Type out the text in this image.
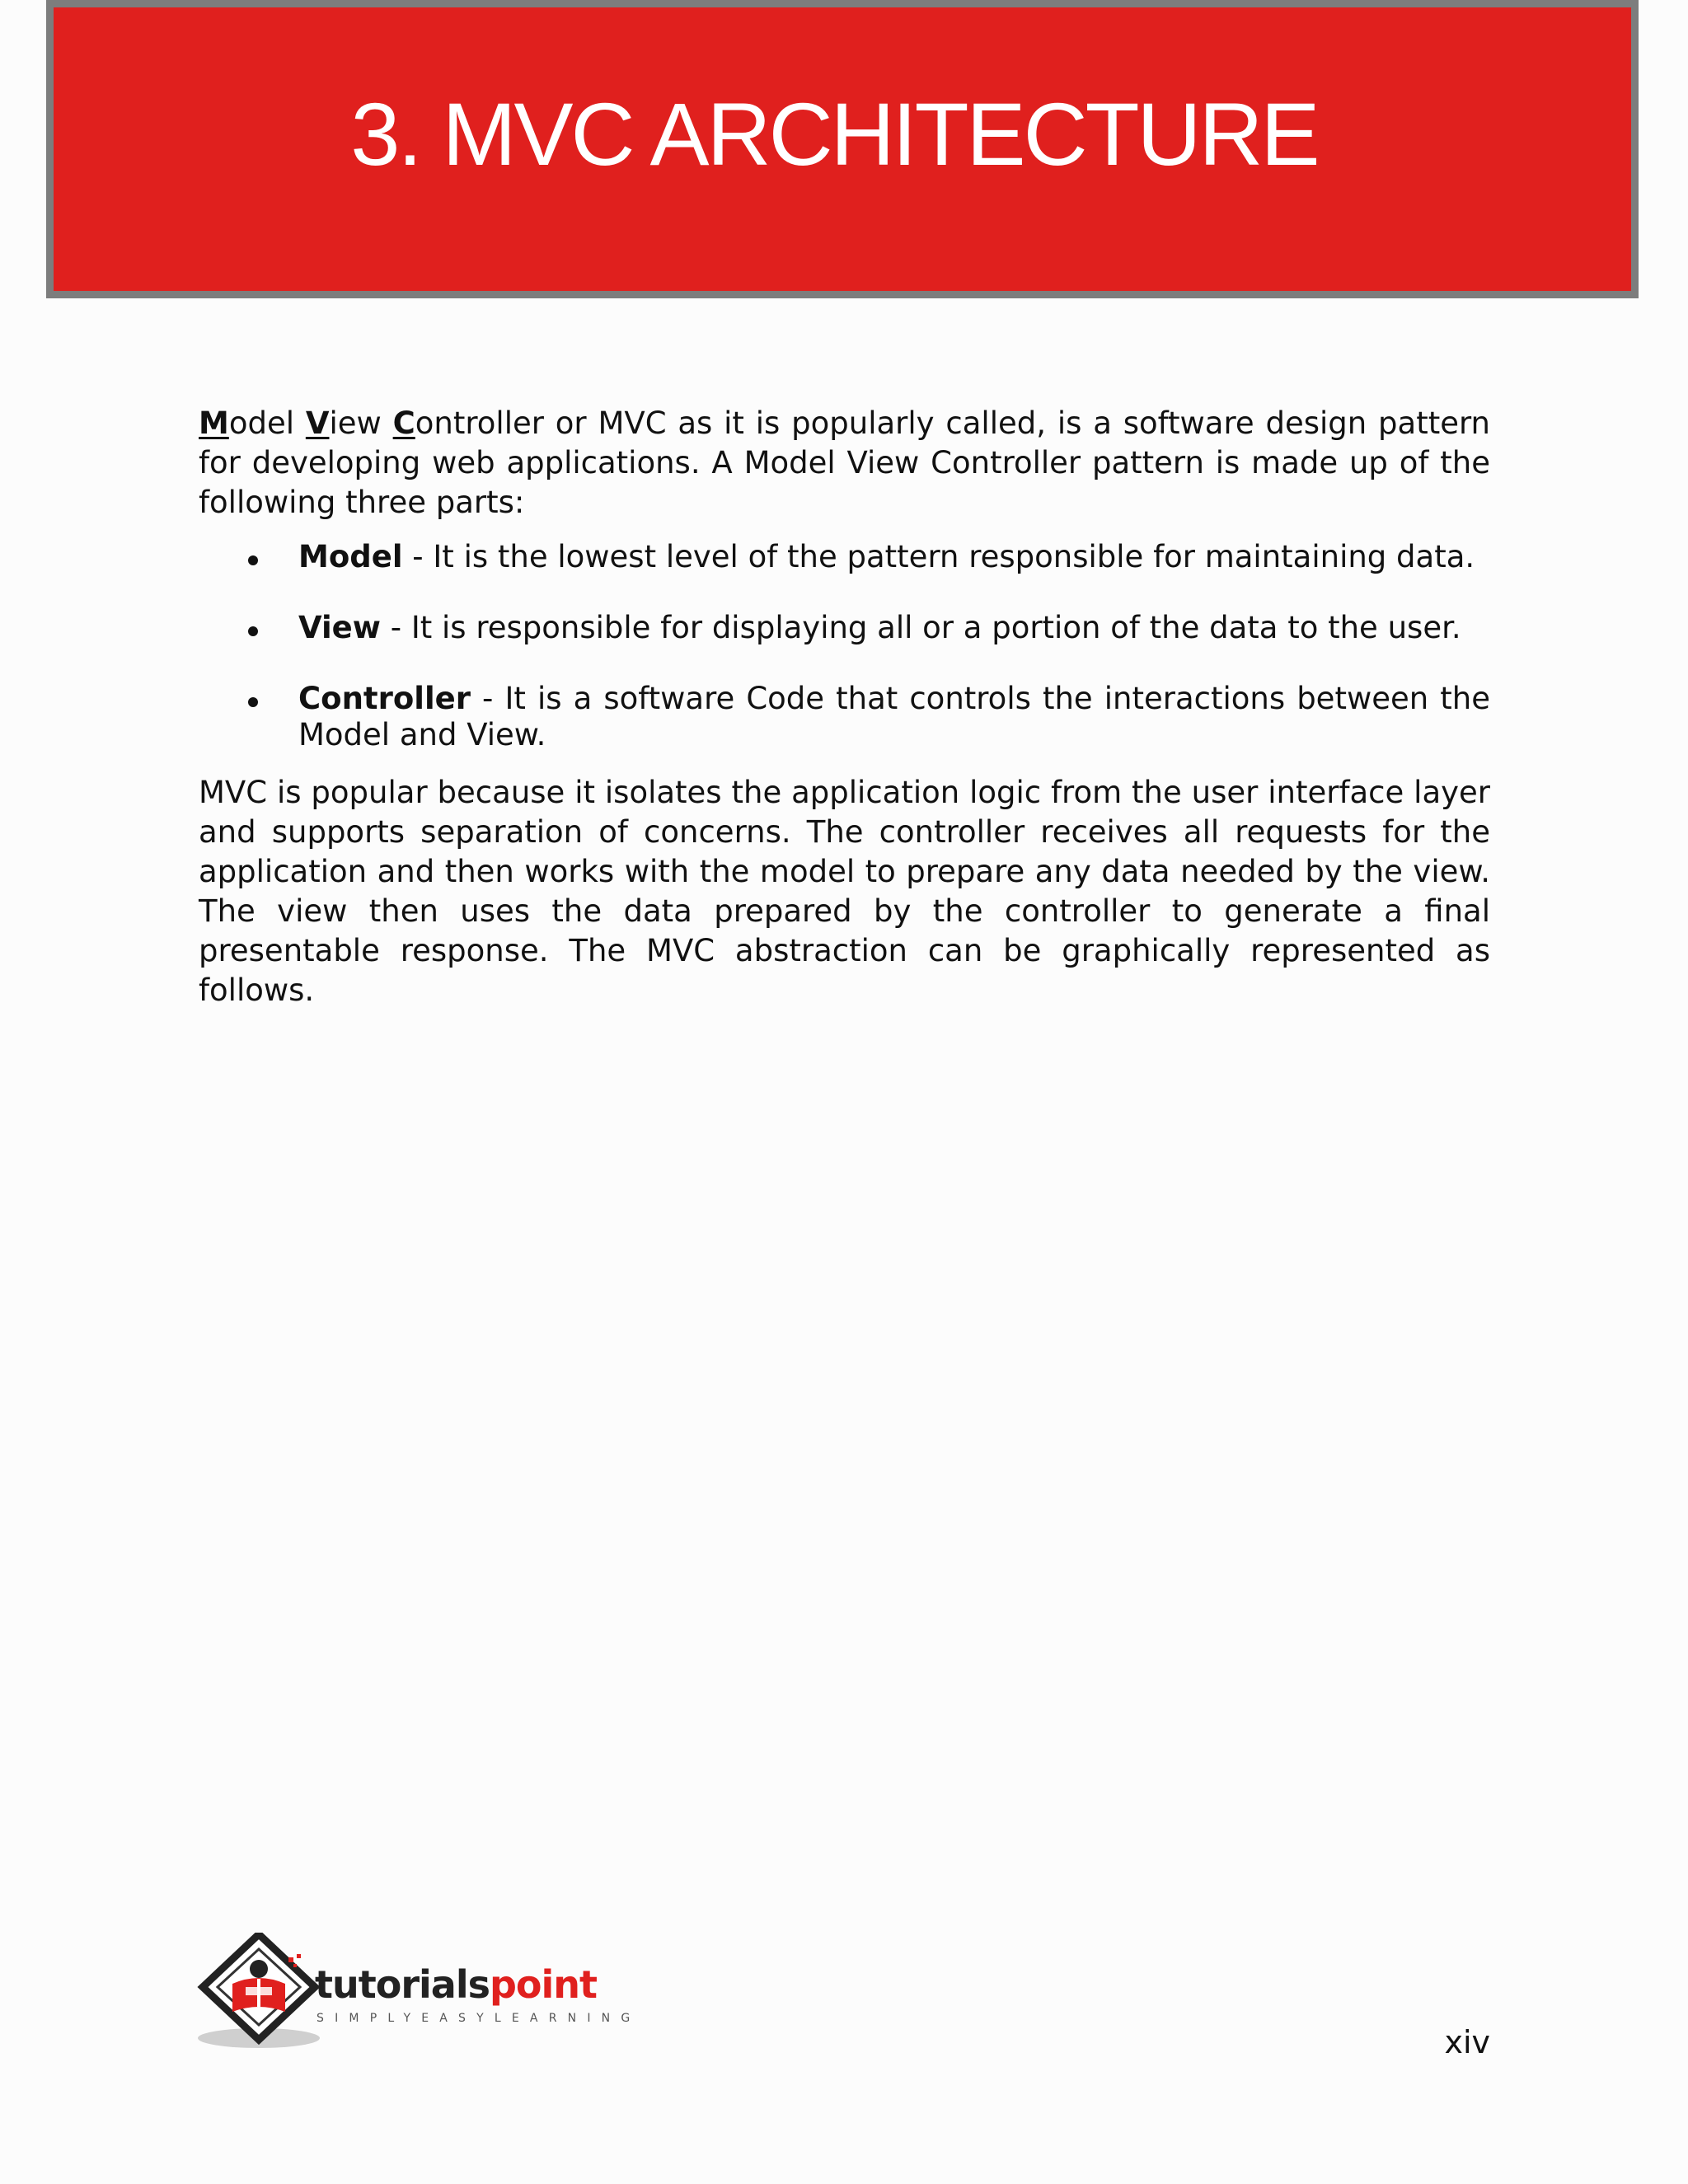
3. MVC ARCHITECTURE

Model View Controller or MVC as it is popularly called, is a software design pattern for developing web applications. A Model View Controller pattern is made up of the following three parts:

Model - It is the lowest level of the pattern responsible for maintaining data.
View - It is responsible for displaying all or a portion of the data to the user.
Controller - It is a software Code that controls the interactions between the Model and View.

MVC is popular because it isolates the application logic from the user interface layer and supports separation of concerns. The controller receives all requests for the application and then works with the model to prepare any data needed by the view. The view then uses the data prepared by the controller to generate a final presentable response. The MVC abstraction can be graphically represented as follows.

tutorialspoint
SIMPLYEASYLEARNING
xiv
